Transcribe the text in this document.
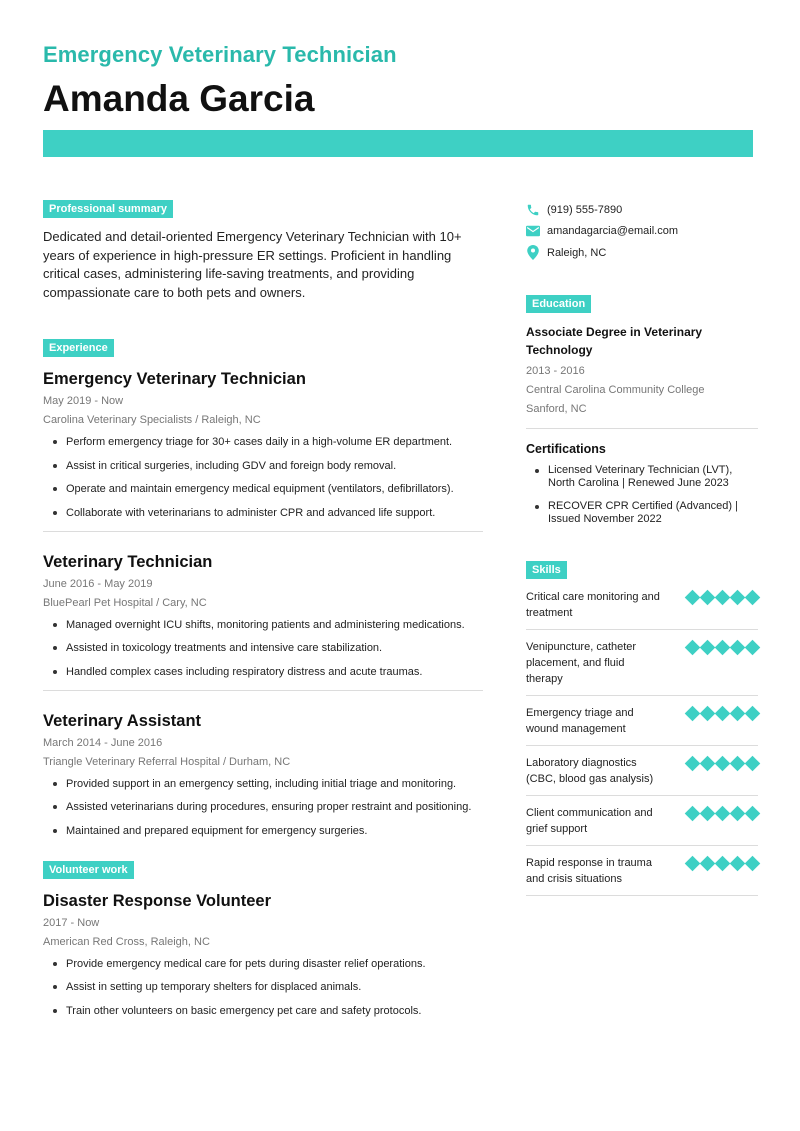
Emergency Veterinary Technician
Amanda Garcia
Professional summary

Dedicated and detail-oriented Emergency Veterinary Technician with 10+ years of experience in high-pressure ER settings. Proficient in handling critical cases, administering life-saving treatments, and providing compassionate care to both pets and owners.

Experience
Emergency Veterinary Technician
May 2019 - Now
Carolina Veterinary Specialists / Raleigh, NC
Perform emergency triage for 30+ cases daily in a high-volume ER department.
Assist in critical surgeries, including GDV and foreign body removal.
Operate and maintain emergency medical equipment (ventilators, defibrillators).
Collaborate with veterinarians to administer CPR and advanced life support.
Veterinary Technician
June 2016 - May 2019
BluePearl Pet Hospital / Cary, NC
Managed overnight ICU shifts, monitoring patients and administering medications.
Assisted in toxicology treatments and intensive care stabilization.
Handled complex cases including respiratory distress and acute traumas.
Veterinary Assistant
March 2014 - June 2016
Triangle Veterinary Referral Hospital / Durham, NC
Provided support in an emergency setting, including initial triage and monitoring.
Assisted veterinarians during procedures, ensuring proper restraint and positioning.
Maintained and prepared equipment for emergency surgeries.
Volunteer work
Disaster Response Volunteer
2017 - Now
American Red Cross, Raleigh, NC
Provide emergency medical care for pets during disaster relief operations.
Assist in setting up temporary shelters for displaced animals.
Train other volunteers on basic emergency pet care and safety protocols.
(919) 555-7890
amandagarcia@email.com
Raleigh, NC
Education
Associate Degree in Veterinary Technology
2013 - 2016
Central Carolina Community College
Sanford, NC
Certifications
Licensed Veterinary Technician (LVT), North Carolina | Renewed June 2023
RECOVER CPR Certified (Advanced) | Issued November 2022
Skills
Critical care monitoring and treatment
Venipuncture, catheter placement, and fluid therapy
Emergency triage and wound management
Laboratory diagnostics (CBC, blood gas analysis)
Client communication and grief support
Rapid response in trauma and crisis situations
